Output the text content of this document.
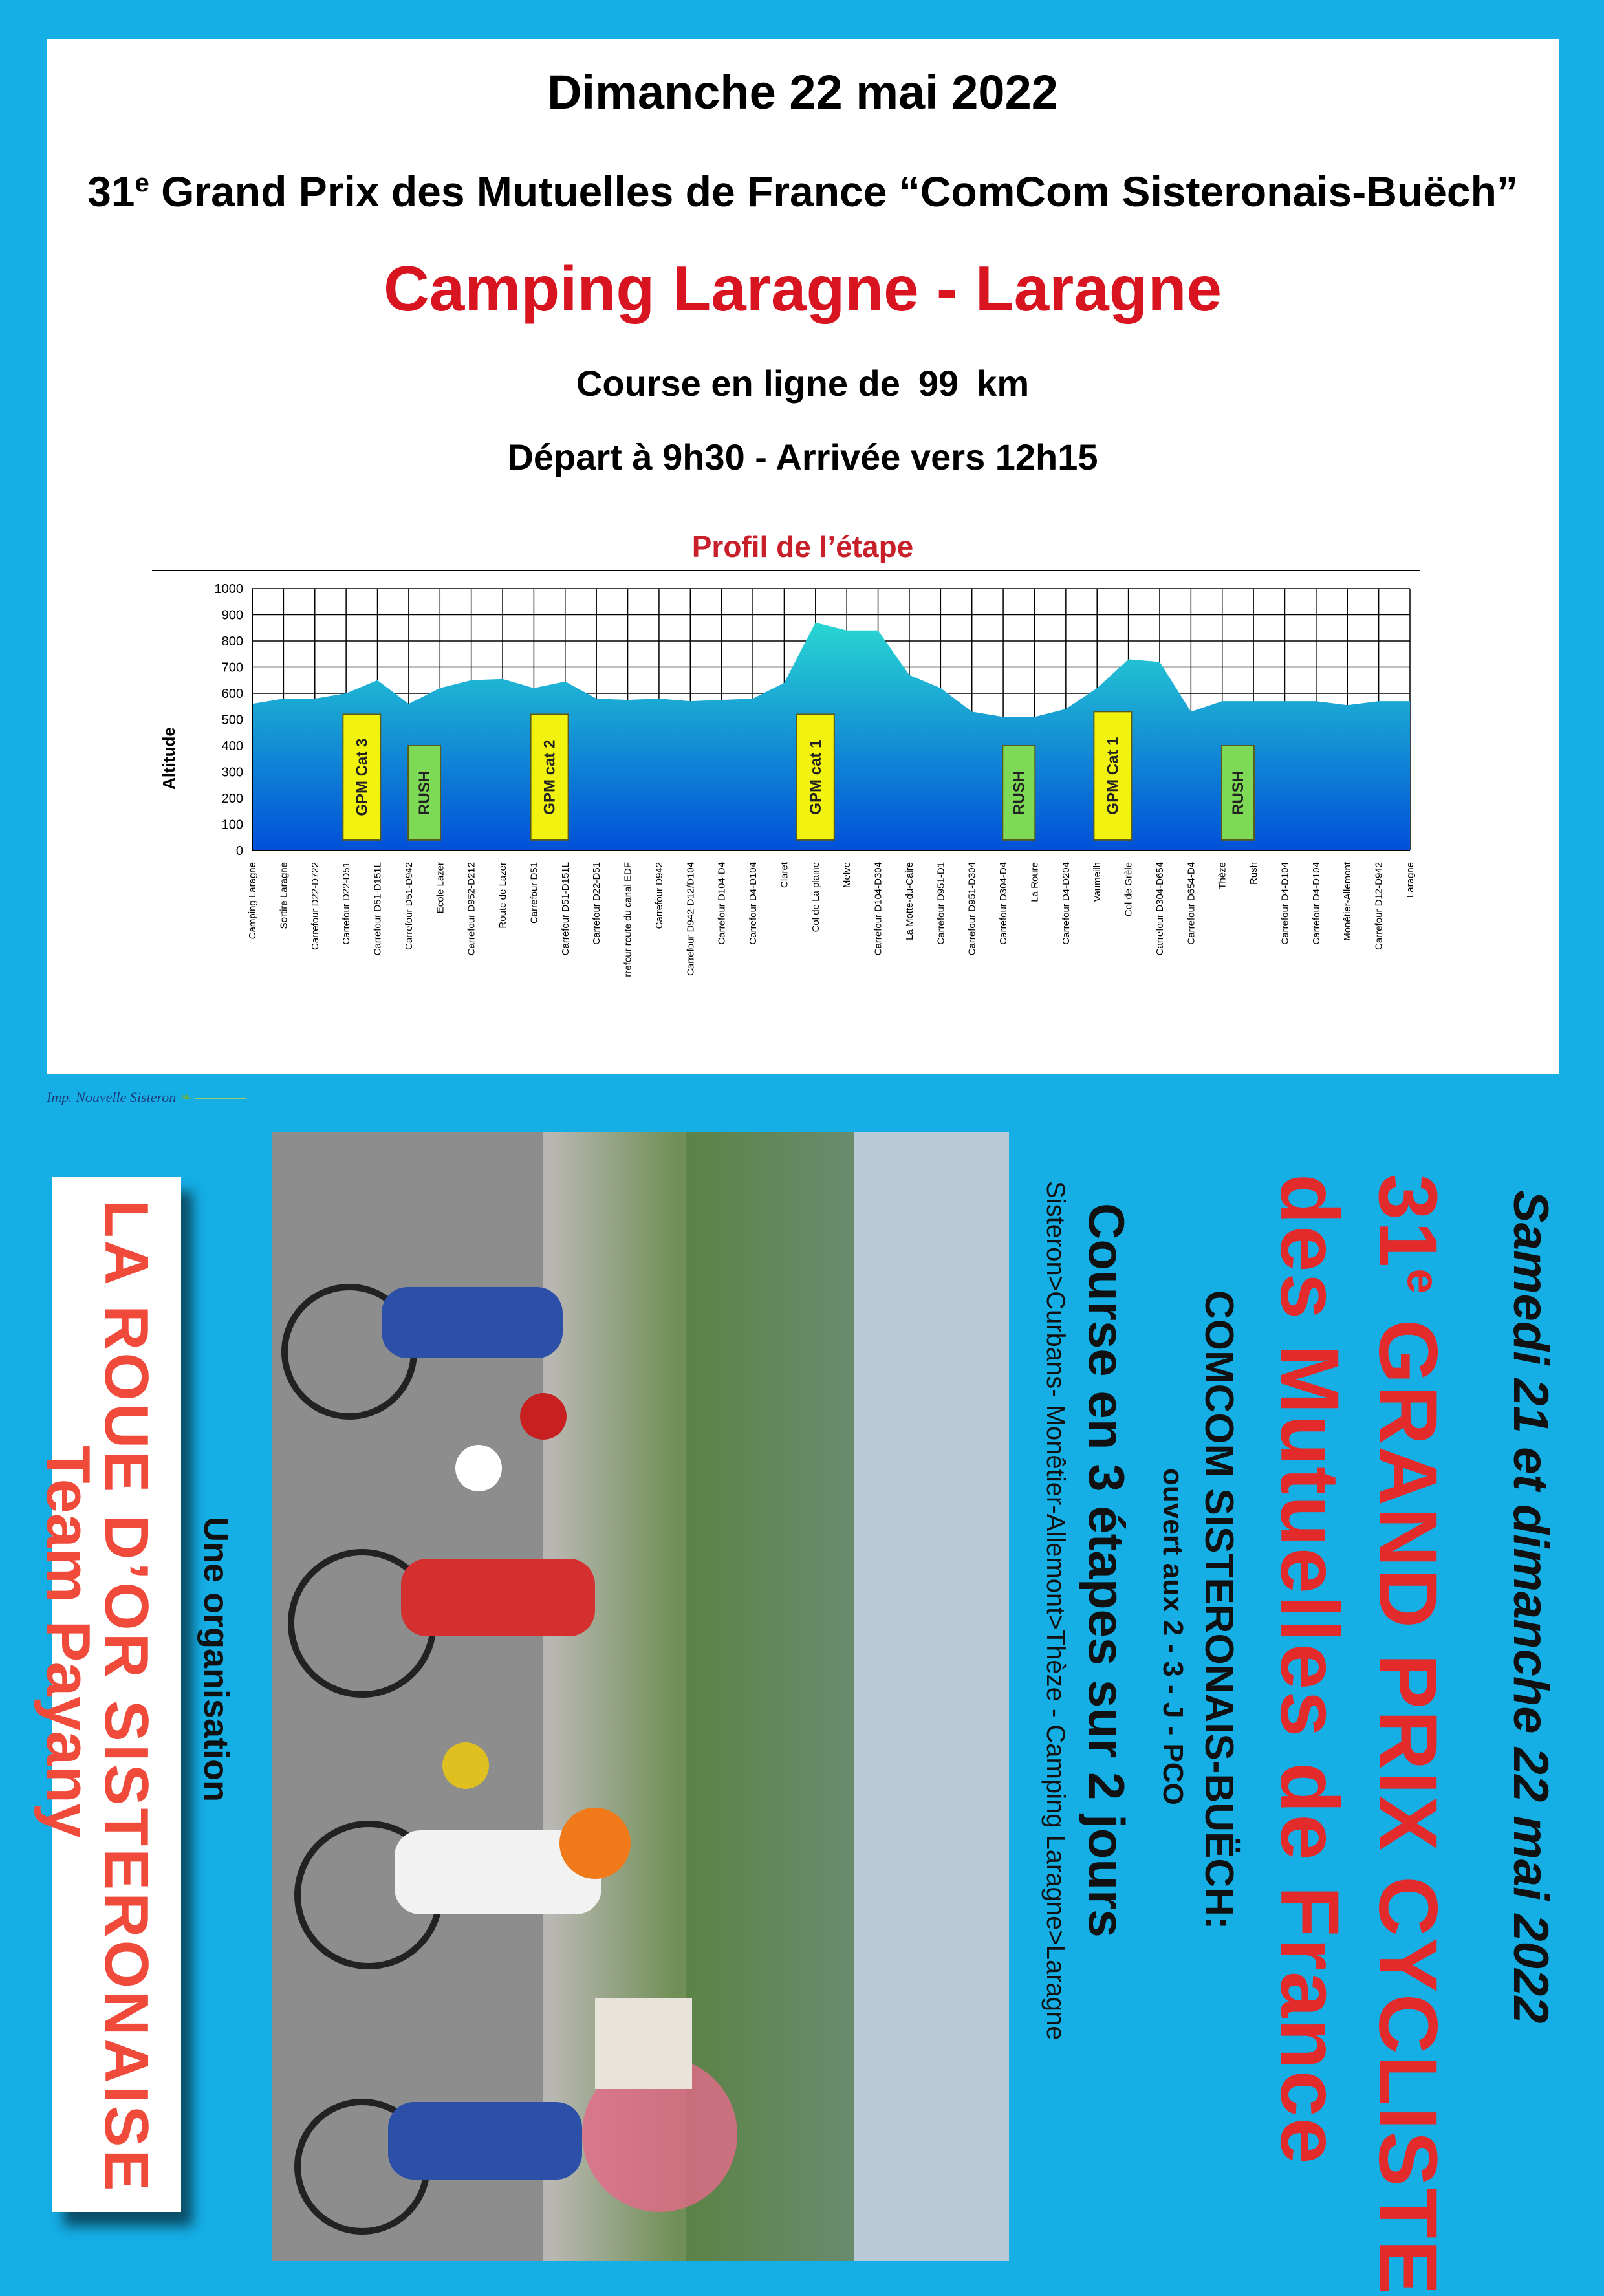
Dimanche 22 mai 2022
31e Grand Prix des Mutuelles de France “ComCom Sisteronais-Buëch”
Camping Laragne - Laragne
Course en ligne de 99 km
Départ à 9h30 - Arrivée vers 12h15
Profil de l’étape
0
100
200
300
400
500
600
700
800
900
1000
Altitude	GPM Cat 3	RUSH	GPM cat 2	GPM cat 1	RUSH	GPM Cat 1	RUSH
Camping Laragne Sortire Laragne Carrefour D22-D722 Carrefour D22-D51 Carrefour D51-D151L Carrefour D51-D942 Ecole Lazer Carrefour D952-D212 Route de Lazer Carrefour D51 Carrefour D51-D151L Carrefour D22-D51 rrefour route du canal EDF Carrefour D942 Carrefour D942-D12/D104 Carrefour D104-D4 Carrefour D4-D104 Claret Col de La plaine Melve Carrefour D104-D304 La Motte-du-Caire Carrefour D951-D1 Carrefour D951-D304 Carrefour D304-D4 La Roure Carrefour D4-D204 Vaumeilh Col de Grèle Carrefour D304-D654 Carrefour D654-D4 Thèze Rush Carrefour D4-D104 Carrefour D4-D104 Monêtier-Allemont Carrefour D12-D942 Laragne
Imp. Nouvelle Sisteron ❧
LA ROUE D’OR SISTERONAISE
Team Payany	Une organisation	Samedi 21 et dimanche 22 mai 2022
31e GRAND PRIX CYCLISTE
des Mutuelles de France
COMCOM SISTERONAIS-BUËCH:
ouvert aux 2 - 3 - J - PCO
Course en 3 étapes sur 2 jours
Sisteron>Curbans- Monêtier-Allemont>Thèze - Camping Laragne>Laragne
